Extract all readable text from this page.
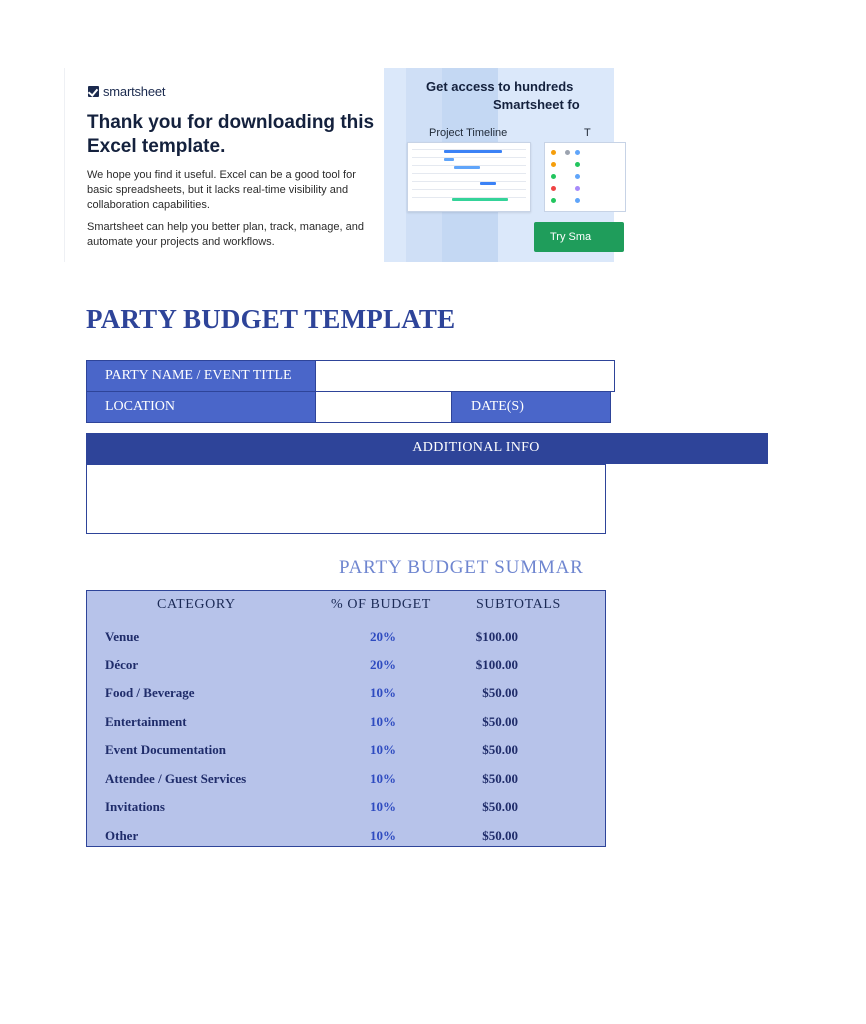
ADDITIONAL INFO
smartsheet
Thank you for downloading this Excel template.
We hope you find it useful. Excel can be a good tool for basic spreadsheets, but it lacks real-time visibility and collaboration capabilities.
Smartsheet can help you better plan, track, manage, and automate your projects and workflows.
Get access to hundreds
Smartsheet fo
Project Timeline	T
Try Sma
PARTY BUDGET TEMPLATE
PARTY NAME / EVENT TITLE
LOCATION	DATE(S)
PARTY BUDGET SUMMAR
CATEGORY	% OF BUDGET	SUBTOTALS
Venue	20%	$100.00
Décor	20%	$100.00
Food / Beverage	10%	$50.00
Entertainment	10%	$50.00
Event Documentation	10%	$50.00
Attendee / Guest Services	10%	$50.00
Invitations	10%	$50.00
Other	10%	$50.00
